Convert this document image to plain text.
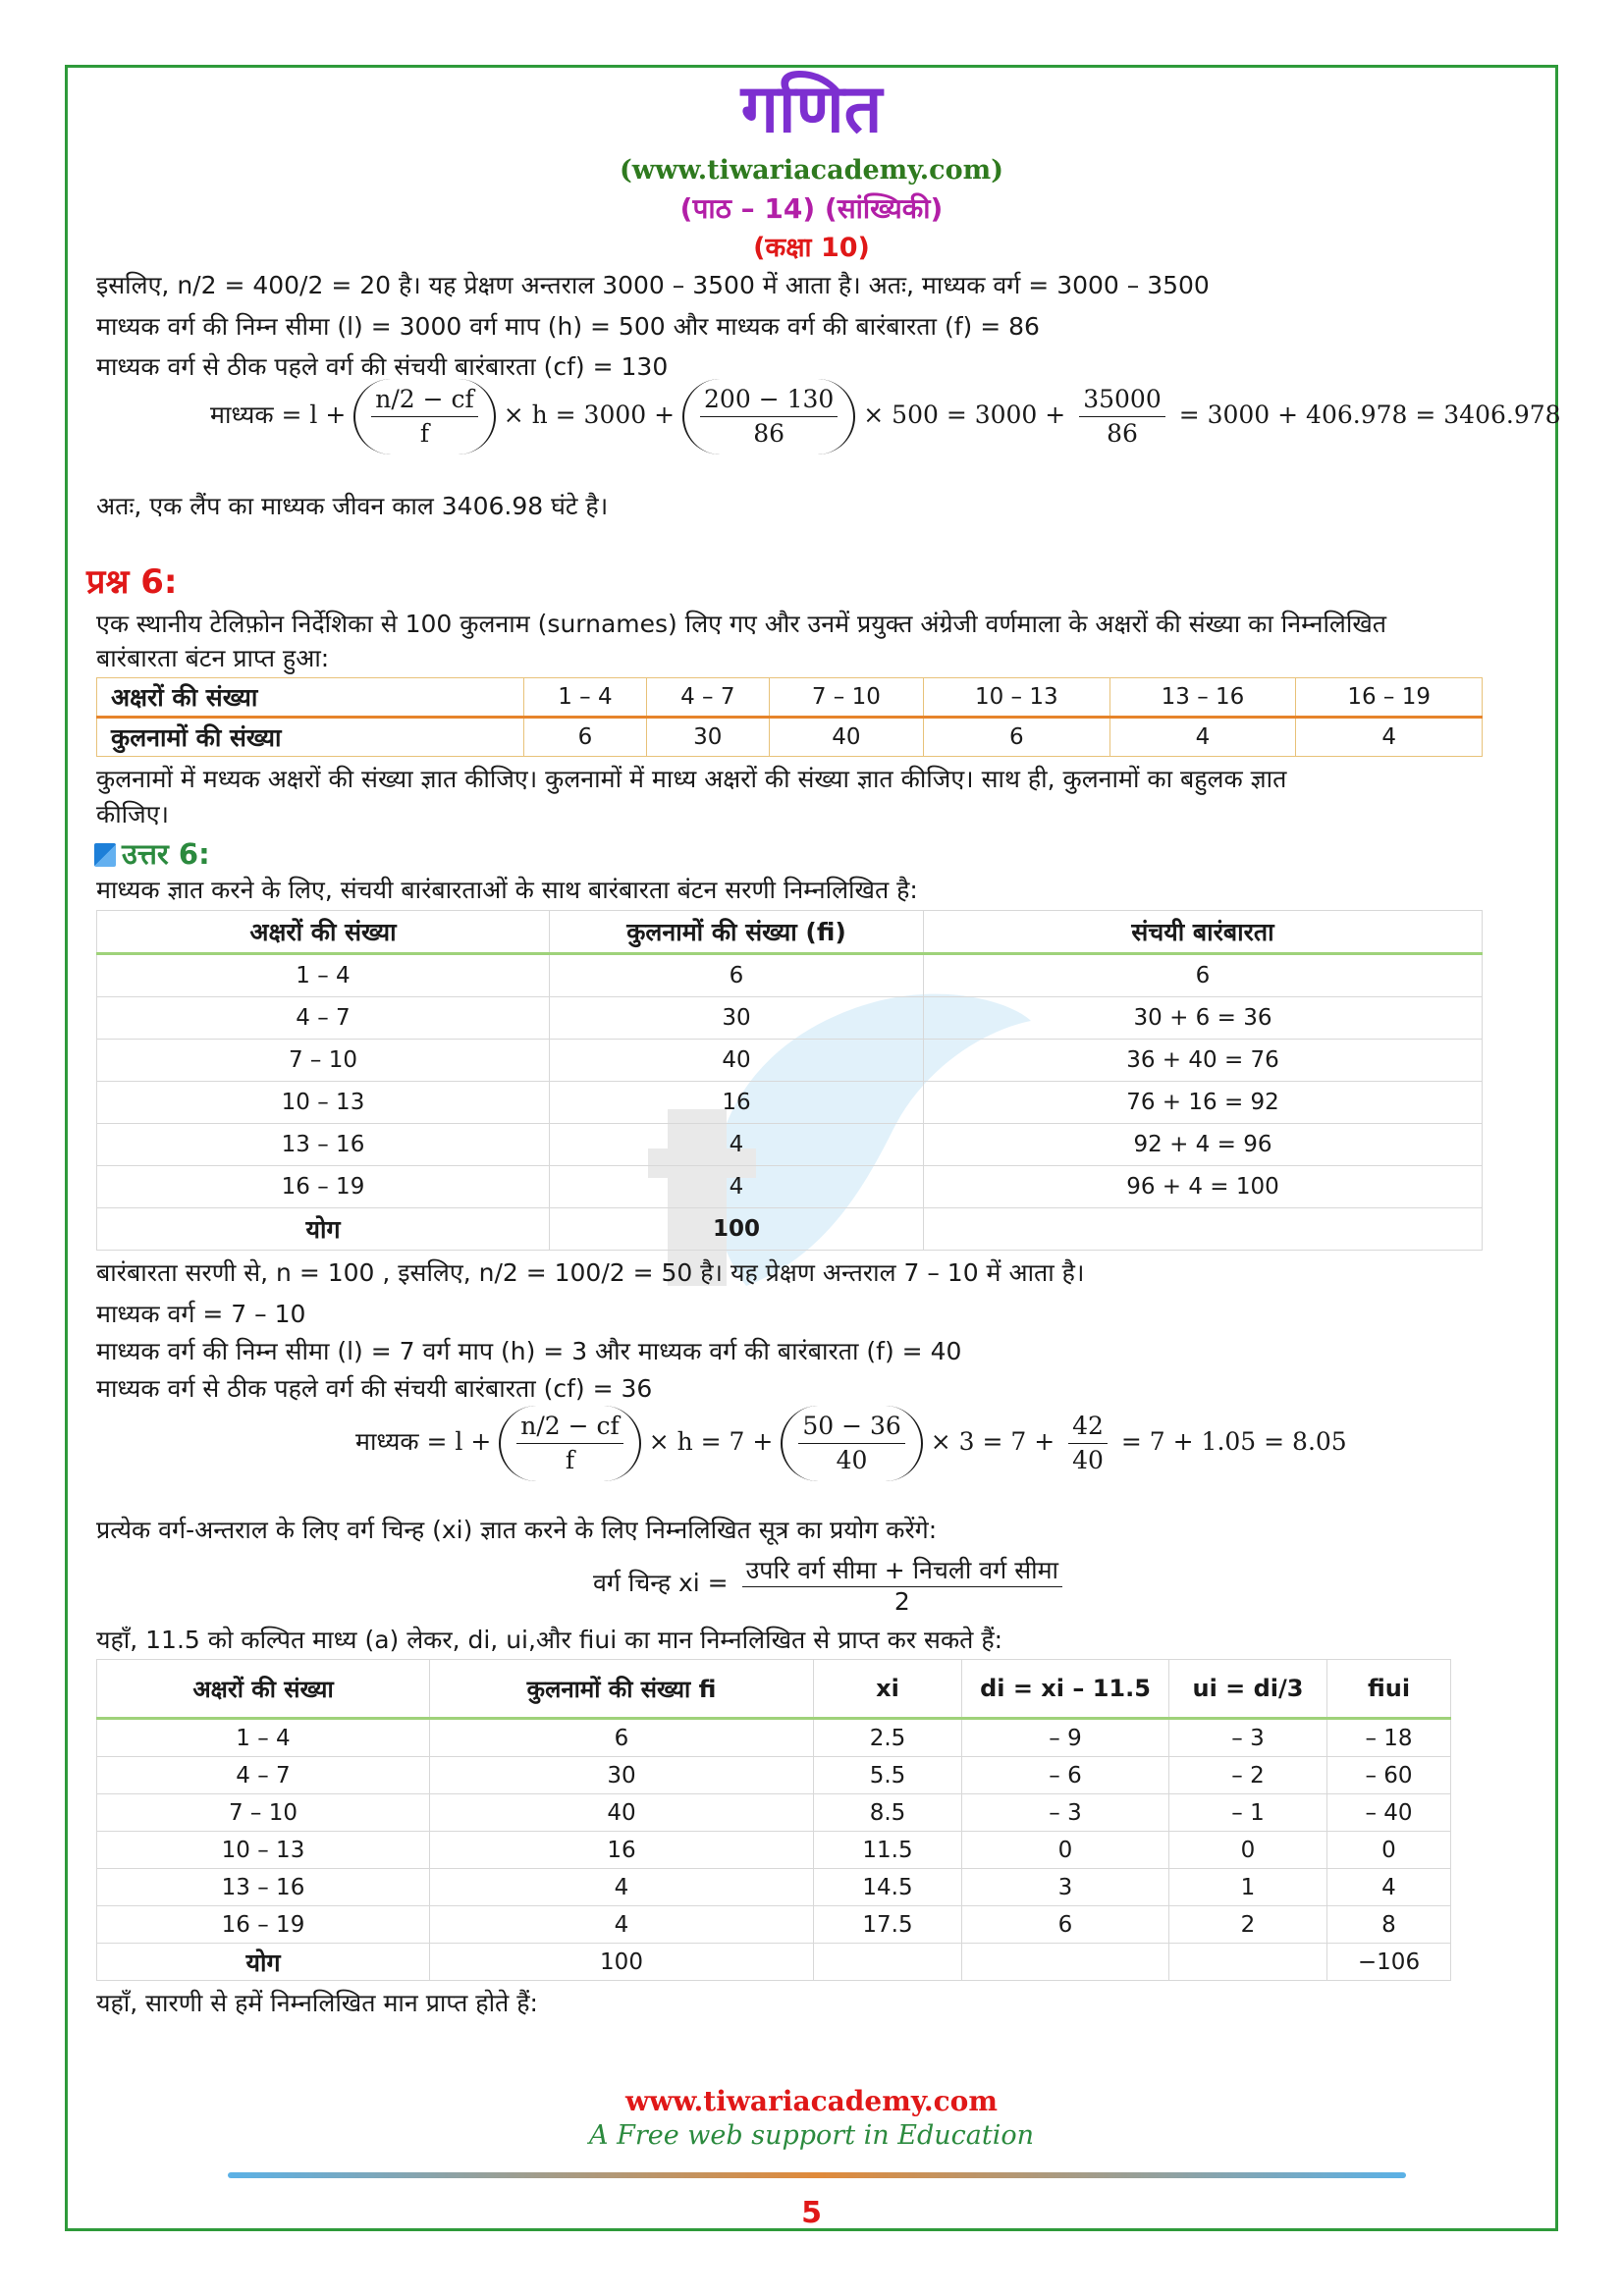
गणित
(www.tiwariacademy.com)
(पाठ – 14) (सांख्यिकी)
(कक्षा 10)
इसलिए, n/2 = 400/2 = 20 है। यह प्रेक्षण अन्तराल 3000 – 3500 में आता है। अतः, माध्यक वर्ग = 3000 – 3500
माध्यक वर्ग की निम्न सीमा (l) = 3000 वर्ग माप (h) = 500 और माध्यक वर्ग की बारंबारता (f) = 86
माध्यक वर्ग से ठीक पहले वर्ग की संचयी बारंबारता (cf) = 130
माध्यक = $l + \frac{n/2 - cf}{f} \times h = 3000 + \frac{200 - 130}{86} \times 500 = 3000 + \frac{35000}{86} = 3000 + 406.978 = 3406.978$
अतः, एक लैंप का माध्यक जीवन काल 3406.98 घंटे है।
प्रश्न 6:
एक स्थानीय टेलिफ़ोन निर्देशिका से 100 कुलनाम (surnames) लिए गए और उनमें प्रयुक्त अंग्रेजी वर्णमाला के अक्षरों की संख्या का निम्नलिखित
बारंबारता बंटन प्राप्त हुआ:
अक्षरों की संख्या	1 – 4	4 – 7	7 – 10	10 – 13	13 – 16	16 – 19
कुलनामों की संख्या	6	30	40	6	4	4
कुलनामों में मध्यक अक्षरों की संख्या ज्ञात कीजिए। कुलनामों में माध्य अक्षरों की संख्या ज्ञात कीजिए। साथ ही, कुलनामों का बहुलक ज्ञात
कीजिए।
उत्तर 6:
माध्यक ज्ञात करने के लिए, संचयी बारंबारताओं के साथ बारंबारता बंटन सरणी निम्नलिखित है:
अक्षरों की संख्या	कुलनामों की संख्या (fi)	संचयी बारंबारता
1 – 4	6	6
4 – 7	30	30 + 6 = 36
7 – 10	40	36 + 40 = 76
10 – 13	16	76 + 16 = 92
13 – 16	4	92 + 4 = 96
16 – 19	4	96 + 4 = 100
योग	100	
बारंबारता सरणी से, n = 100 , इसलिए, n/2 = 100/2 = 50 है। यह प्रेक्षण अन्तराल 7 – 10 में आता है।
माध्यक वर्ग = 7 – 10
माध्यक वर्ग की निम्न सीमा (l) = 7 वर्ग माप (h) = 3 और माध्यक वर्ग की बारंबारता (f) = 40
माध्यक वर्ग से ठीक पहले वर्ग की संचयी बारंबारता (cf) = 36
माध्यक = $l + \frac{n/2 - cf}{f} \times h = 7 + \frac{50 - 36}{40} \times 3 = 7 + \frac{42}{40} = 7 + 1.05 = 8.05$
प्रत्येक वर्ग-अन्तराल के लिए वर्ग चिन्ह (xi) ज्ञात करने के लिए निम्नलिखित सूत्र का प्रयोग करेंगे:
वर्ग चिन्ह xi = $\frac{\text{उपरि वर्ग सीमा + निचली वर्ग सीमा}}{2}$
यहाँ, 11.5 को कल्पित माध्य (a) लेकर, di, ui,और fiui का मान निम्नलिखित से प्राप्त कर सकते हैं:
अक्षरों की संख्या	कुलनामों की संख्या fi	xi	di = xi – 11.5	ui = di/3	fiui
1 – 4	6	2.5	– 9	– 3	– 18
4 – 7	30	5.5	– 6	– 2	– 60
7 – 10	40	8.5	– 3	– 1	– 40
10 – 13	16	11.5	0	0	0
13 – 16	4	14.5	3	1	4
16 – 19	4	17.5	6	2	8
योग	100				−106
यहाँ, सारणी से हमें निम्नलिखित मान प्राप्त होते हैं:
www.tiwariacademy.com
A Free web support in Education
5
